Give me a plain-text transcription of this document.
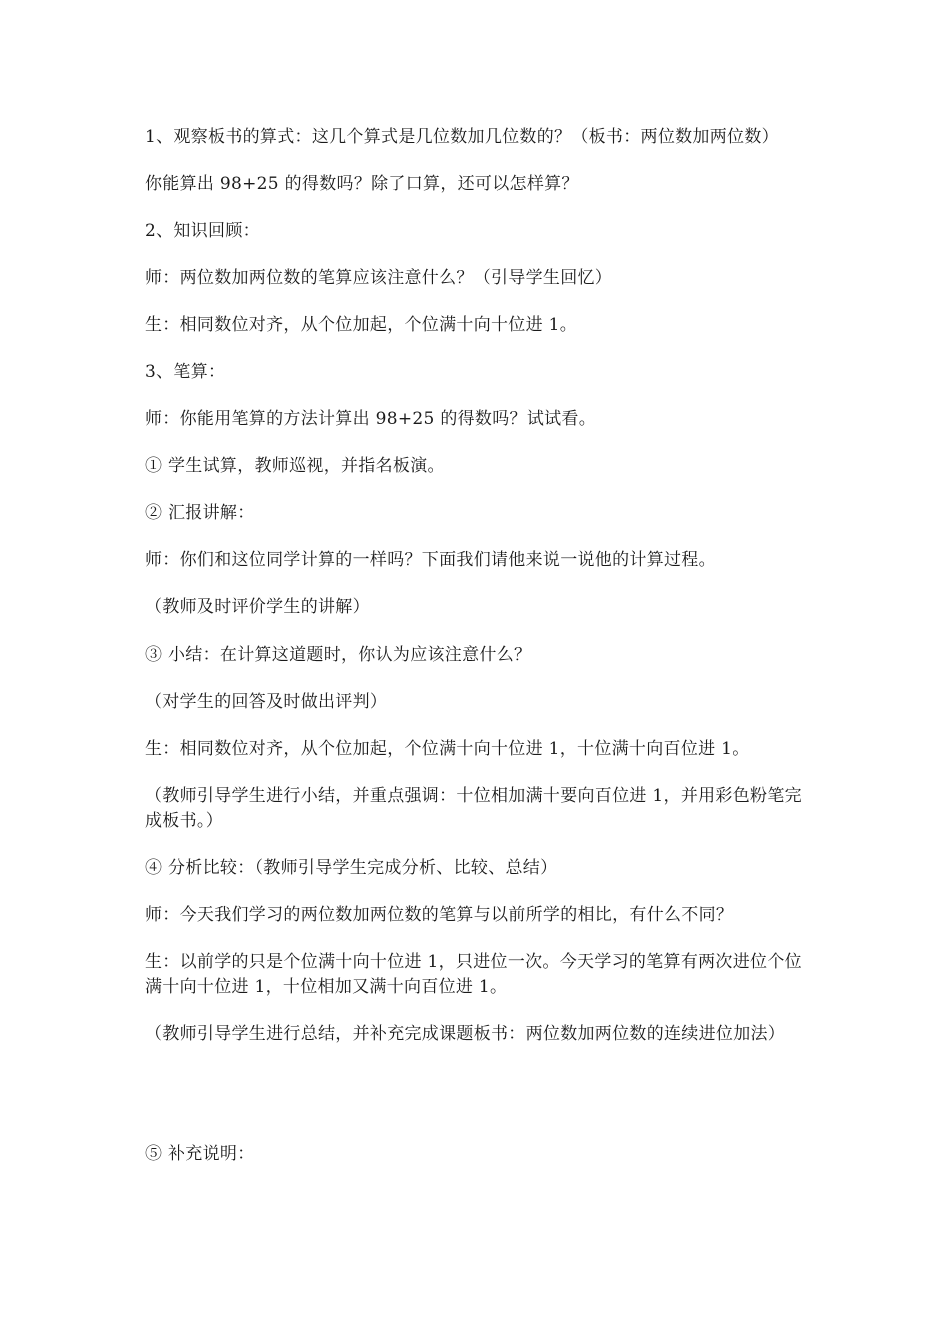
1、观察板书的算式：这几个算式是几位数加几位数的？（板书：两位数加两位数）

你能算出 98+25 的得数吗？除了口算，还可以怎样算？

2、知识回顾：

师：两位数加两位数的笔算应该注意什么？（引导学生回忆）

生：相同数位对齐，从个位加起，个位满十向十位进 1。

3、笔算：

师：你能用笔算的方法计算出 98+25 的得数吗？试试看。

① 学生试算，教师巡视，并指名板演。

② 汇报讲解：

师：你们和这位同学计算的一样吗？下面我们请他来说一说他的计算过程。

（教师及时评价学生的讲解）

③ 小结：在计算这道题时，你认为应该注意什么？

（对学生的回答及时做出评判）

生：相同数位对齐，从个位加起，个位满十向十位进 1，十位满十向百位进 1。

（教师引导学生进行小结，并重点强调：十位相加满十要向百位进 1，并用彩色粉笔完成板书。）

④ 分析比较：（教师引导学生完成分析、比较、总结）

师：今天我们学习的两位数加两位数的笔算与以前所学的相比，有什么不同？

生：以前学的只是个位满十向十位进 1，只进位一次。今天学习的笔算有两次进位个位满十向十位进 1，十位相加又满十向百位进 1。

（教师引导学生进行总结，并补充完成课题板书：两位数加两位数的连续进位加法）

⑤ 补充说明：
